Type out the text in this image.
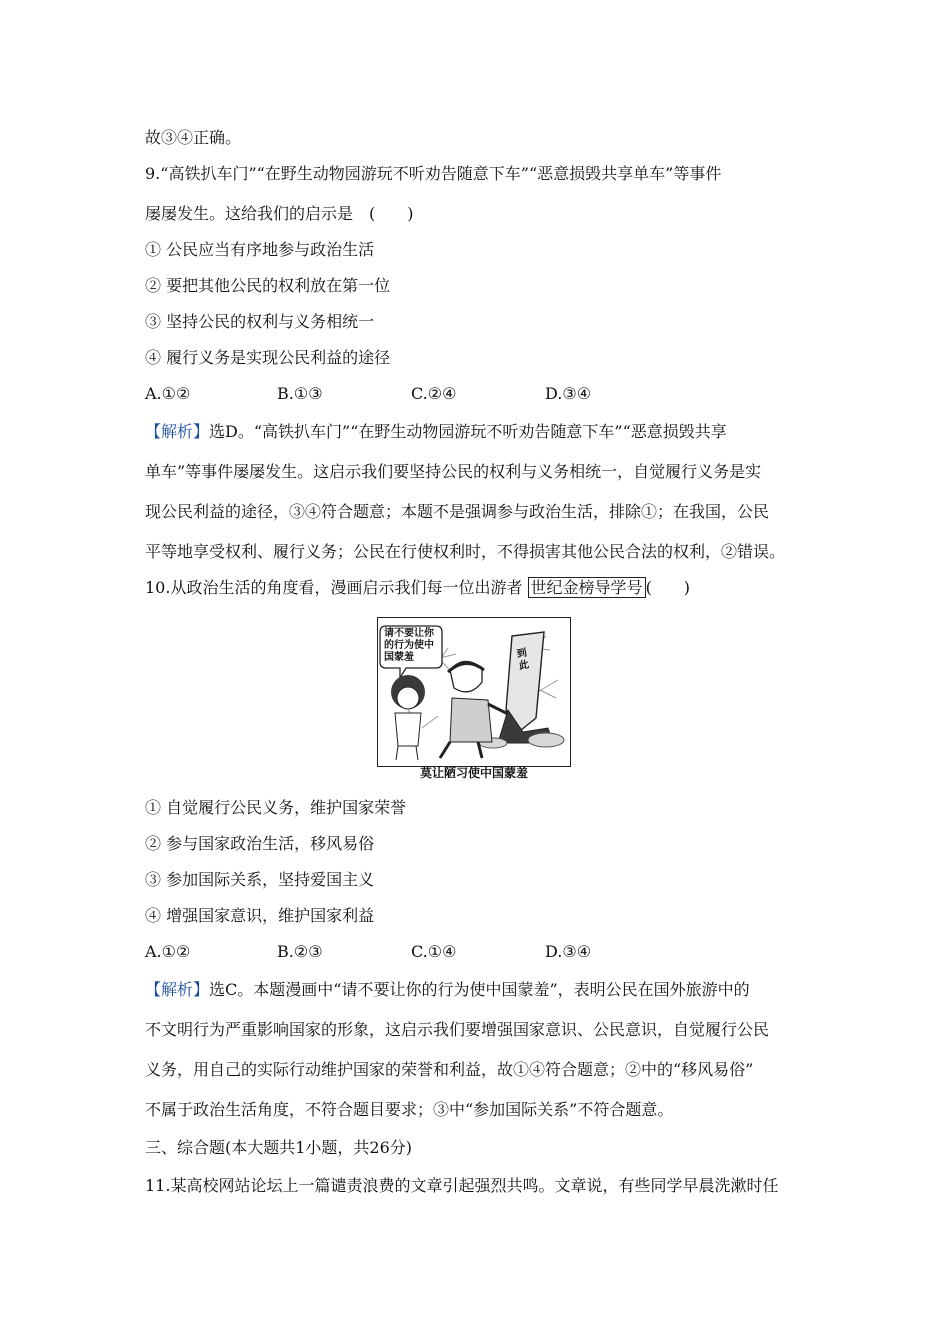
故③④正确。
9.“高铁扒车门”“在野生动物园游玩不听劝告随意下车”“恶意损毁共享单车”等事件
屡屡发生。这给我们的启示是　(　　)
① 公民应当有序地参与政治生活
② 要把其他公民的权利放在第一位
③ 坚持公民的权利与义务相统一
④ 履行义务是实现公民利益的途径
A.①②	B.①③	C.②④	D.③④
【解析】选D。“高铁扒车门”“在野生动物园游玩不听劝告随意下车”“恶意损毁共享
单车”等事件屡屡发生。这启示我们要坚持公民的权利与义务相统一，自觉履行义务是实
现公民利益的途径，③④符合题意；本题不是强调参与政治生活，排除①；在我国，公民
平等地享受权利、履行义务；公民在行使权利时，不得损害其他公民合法的权利，②错误。
10.从政治生活的角度看，漫画启示我们每一位出游者 世纪金榜导学号 (　　)
请不要让你
的行为使中
国蒙羞	到此
莫让陋习使中国蒙羞
① 自觉履行公民义务，维护国家荣誉
② 参与国家政治生活，移风易俗
③ 参加国际关系，坚持爱国主义
④ 增强国家意识，维护国家利益
A.①②	B.②③	C.①④	D.③④
【解析】选C。本题漫画中“请不要让你的行为使中国蒙羞”，表明公民在国外旅游中的
不文明行为严重影响国家的形象，这启示我们要增强国家意识、公民意识，自觉履行公民
义务，用自己的实际行动维护国家的荣誉和利益，故①④符合题意；②中的“移风易俗”
不属于政治生活角度，不符合题目要求；③中“参加国际关系”不符合题意。
三、综合题(本大题共1小题，共26分)
11.某高校网站论坛上一篇谴责浪费的文章引起强烈共鸣。文章说，有些同学早晨洗漱时任
